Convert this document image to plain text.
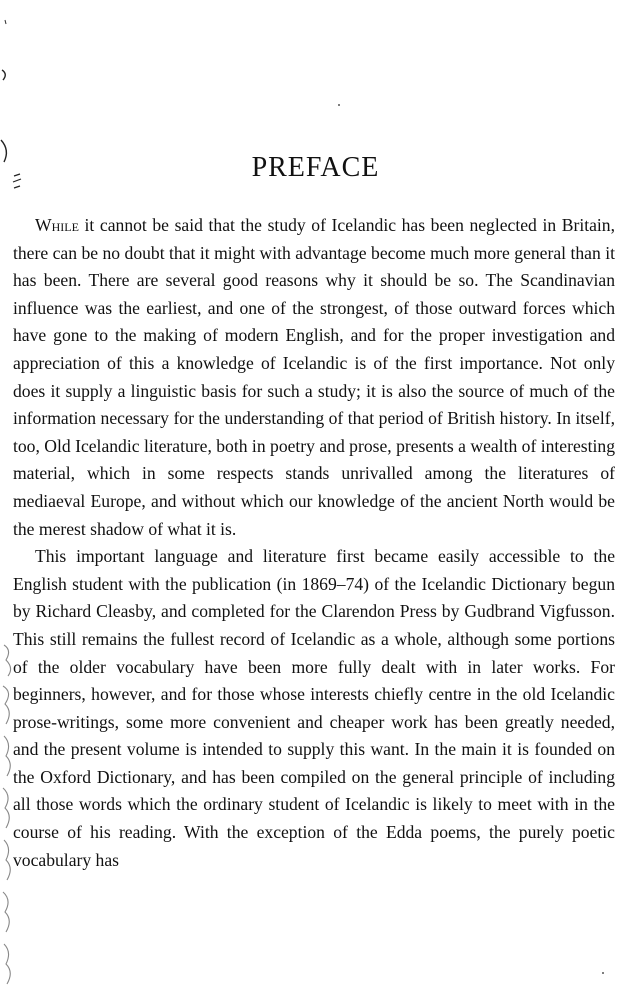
PREFACE

While it cannot be said that the study of Icelandic has been neglected in Britain, there can be no doubt that it might with advantage become much more general than it has been. There are several good reasons why it should be so. The Scandinavian influence was the earliest, and one of the strongest, of those outward forces which have gone to the making of modern English, and for the proper investigation and appreciation of this a knowledge of Icelandic is of the first importance. Not only does it supply a linguistic basis for such a study; it is also the source of much of the information necessary for the understanding of that period of British history. In itself, too, Old Icelandic literature, both in poetry and prose, presents a wealth of interesting material, which in some respects stands unrivalled among the literatures of mediaeval Europe, and without which our knowledge of the ancient North would be the merest shadow of what it is.

This important language and literature first became easily accessible to the English student with the publication (in 1869–74) of the Icelandic Dictionary begun by Richard Cleasby, and completed for the Clarendon Press by Gudbrand Vigfusson. This still remains the fullest record of Icelandic as a whole, although some portions of the older vocabulary have been more fully dealt with in later works. For beginners, however, and for those whose interests chiefly centre in the old Icelandic prose-writings, some more convenient and cheaper work has been greatly needed, and the present volume is intended to supply this want. In the main it is founded on the Oxford Dictionary, and has been compiled on the general principle of including all those words which the ordinary student of Icelandic is likely to meet with in the course of his reading. With the exception of the Edda poems, the purely poetic vocabulary has
